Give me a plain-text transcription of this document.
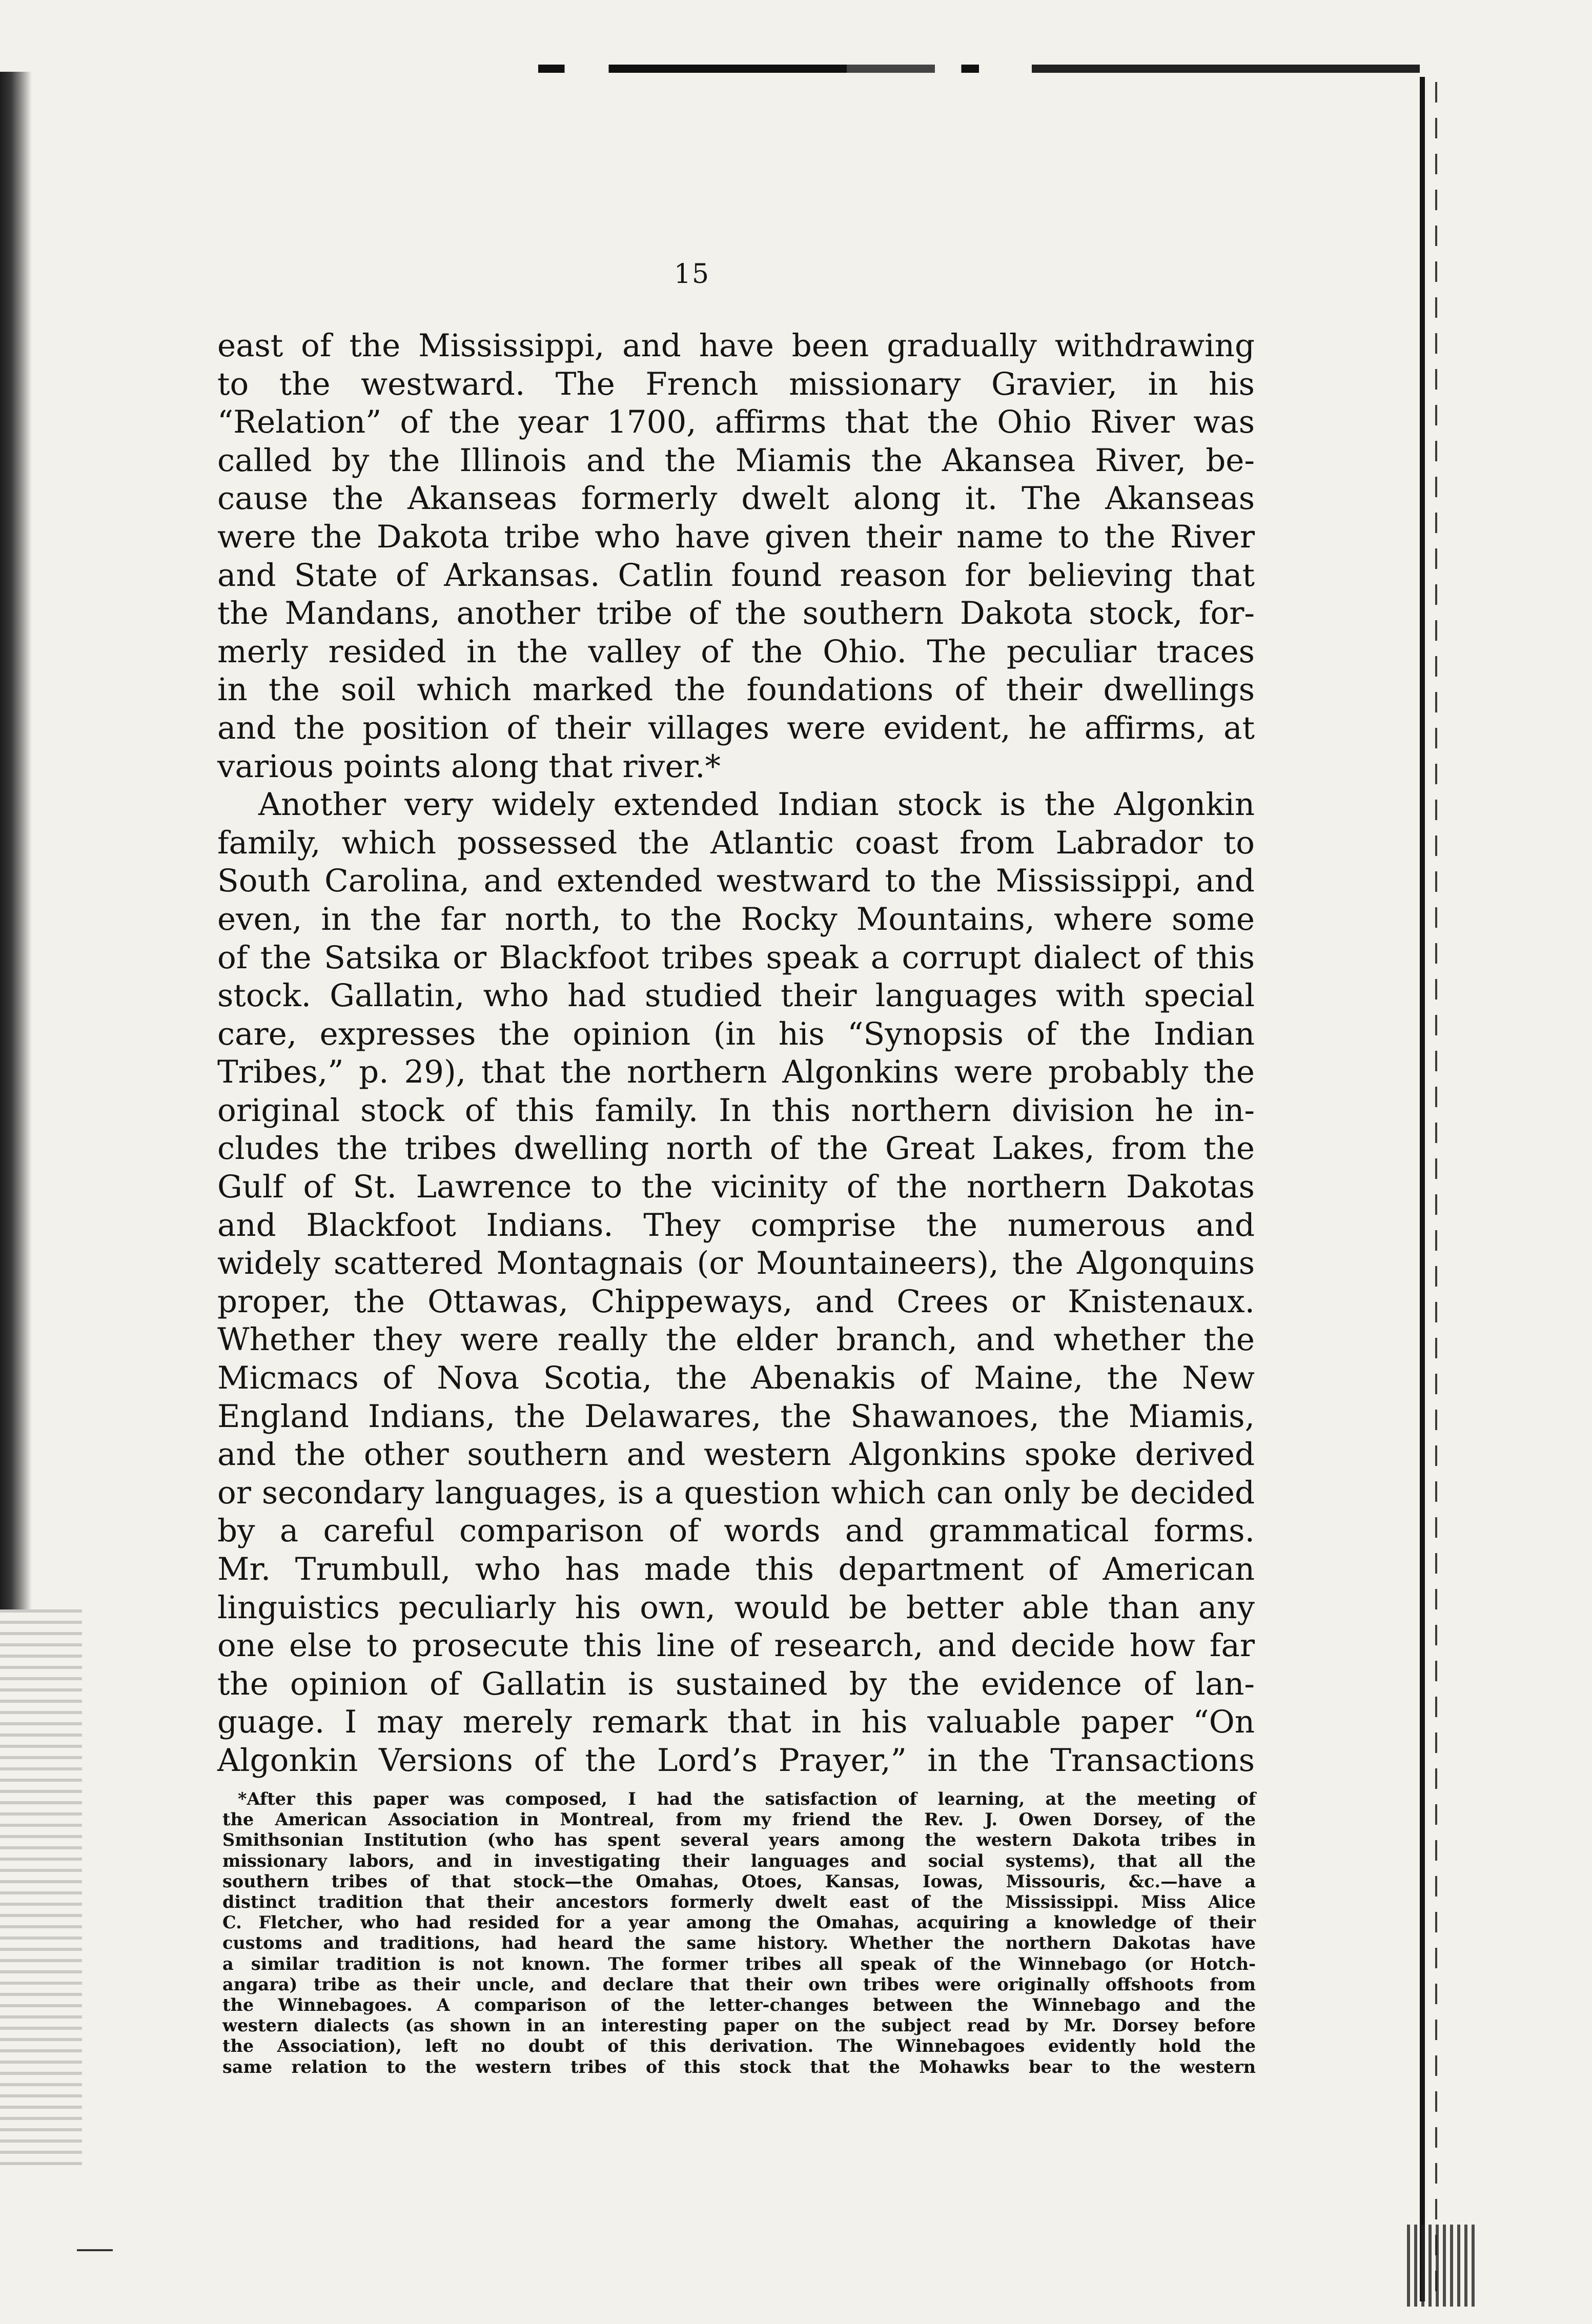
15
east of the Mississippi, and have been gradually withdrawing
to the westward. The French missionary Gravier, in his
“Relation” of the year 1700, affirms that the Ohio River was
called by the Illinois and the Miamis the Akansea River, be-
cause the Akanseas formerly dwelt along it. The Akanseas
were the Dakota tribe who have given their name to the River
and State of Arkansas. Catlin found reason for believing that
the Mandans, another tribe of the southern Dakota stock, for-
merly resided in the valley of the Ohio. The peculiar traces
in the soil which marked the foundations of their dwellings
and the position of their villages were evident, he affirms, at
various points along that river.*
Another very widely extended Indian stock is the Algonkin
family, which possessed the Atlantic coast from Labrador to
South Carolina, and extended westward to the Mississippi, and
even, in the far north, to the Rocky Mountains, where some
of the Satsika or Blackfoot tribes speak a corrupt dialect of this
stock. Gallatin, who had studied their languages with special
care, expresses the opinion (in his “Synopsis of the Indian
Tribes,” p. 29), that the northern Algonkins were probably the
original stock of this family. In this northern division he in-
cludes the tribes dwelling north of the Great Lakes, from the
Gulf of St. Lawrence to the vicinity of the northern Dakotas
and Blackfoot Indians. They comprise the numerous and
widely scattered Montagnais (or Mountaineers), the Algonquins
proper, the Ottawas, Chippeways, and Crees or Knistenaux.
Whether they were really the elder branch, and whether the
Micmacs of Nova Scotia, the Abenakis of Maine, the New
England Indians, the Delawares, the Shawanoes, the Miamis,
and the other southern and western Algonkins spoke derived
or secondary languages, is a question which can only be decided
by a careful comparison of words and grammatical forms.
Mr. Trumbull, who has made this department of American
linguistics peculiarly his own, would be better able than any
one else to prosecute this line of research, and decide how far
the opinion of Gallatin is sustained by the evidence of lan-
guage. I may merely remark that in his valuable paper “On
Algonkin Versions of the Lord’s Prayer,” in the Transactions
*After this paper was composed, I had the satisfaction of learning, at the meeting of
the American Association in Montreal, from my friend the Rev. J. Owen Dorsey, of the
Smithsonian Institution (who has spent several years among the western Dakota tribes in
missionary labors, and in investigating their languages and social systems), that all the
southern tribes of that stock—the Omahas, Otoes, Kansas, Iowas, Missouris, &c.—have a
distinct tradition that their ancestors formerly dwelt east of the Mississippi. Miss Alice
C. Fletcher, who had resided for a year among the Omahas, acquiring a knowledge of their
customs and traditions, had heard the same history. Whether the northern Dakotas have
a similar tradition is not known. The former tribes all speak of the Winnebago (or Hotch-
angara) tribe as their uncle, and declare that their own tribes were originally offshoots from
the Winnebagoes. A comparison of the letter-changes between the Winnebago and the
western dialects (as shown in an interesting paper on the subject read by Mr. Dorsey before
the Association), left no doubt of this derivation. The Winnebagoes evidently hold the
same relation to the western tribes of this stock that the Mohawks bear to the western
